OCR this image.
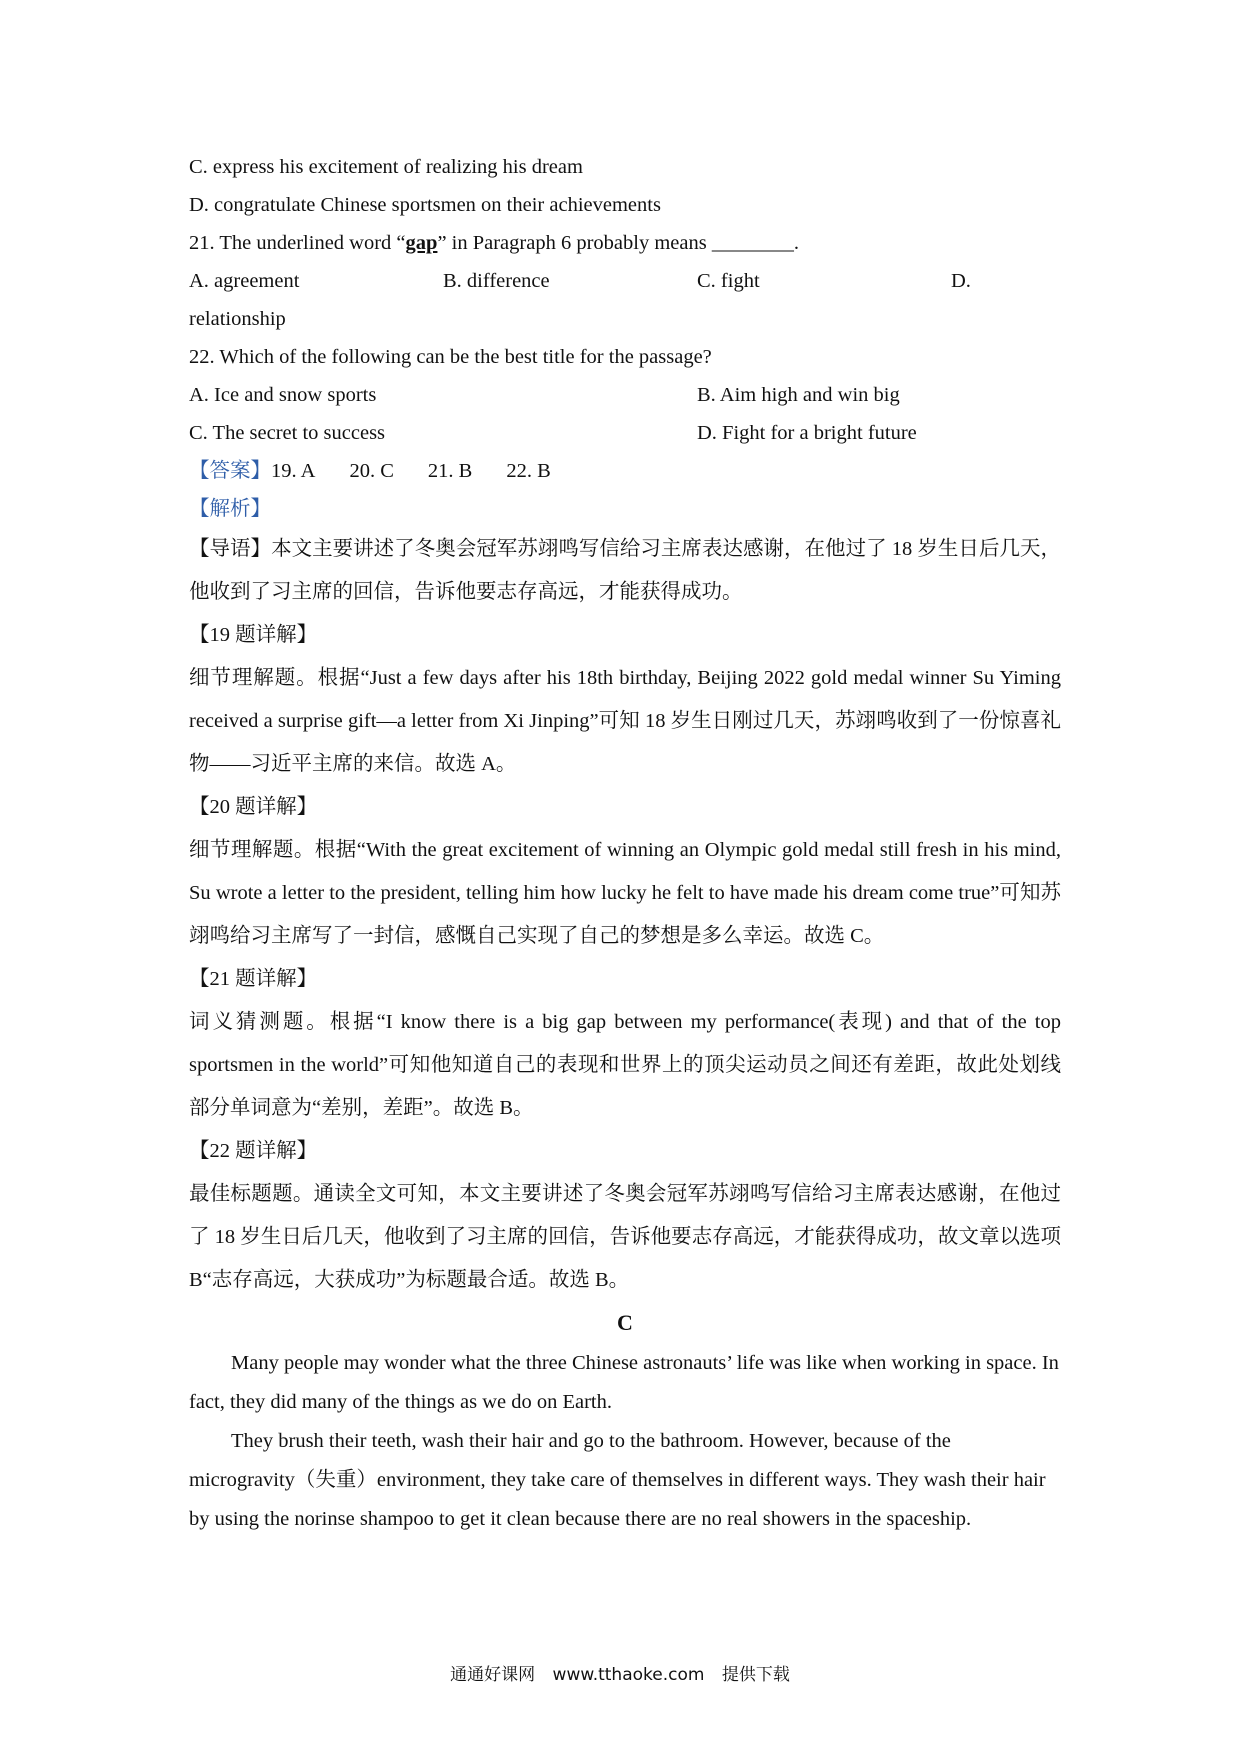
C. express his excitement of realizing his dream
D. congratulate Chinese sportsmen on their achievements
21. The underlined word “gap” in Paragraph 6 probably means ________.
A. agreement	B. difference	C. fight	D.
relationship
22. Which of the following can be the best title for the passage?
A. Ice and snow sports	B. Aim high and win big
C. The secret to success	D. Fight for a bright future
【答案】19. A 20. C 21. B 22. B
【解析】
【导语】本文主要讲述了冬奥会冠军苏翊鸣写信给习主席表达感谢，在他过了 18 岁生日后几天，他收到了习主席的回信，告诉他要志存高远，才能获得成功。
【19 题详解】
细节理解题。根据“Just a few days after his 18th birthday, Beijing 2022 gold medal winner Su Yiming received a surprise gift—a letter from Xi Jinping”可知 18 岁生日刚过几天，苏翊鸣收到了一份惊喜礼物——习近平主席的来信。故选 A。
【20 题详解】
细节理解题。根据“With the great excitement of winning an Olympic gold medal still fresh in his mind, Su wrote a letter to the president, telling him how lucky he felt to have made his dream come true”可知苏翊鸣给习主席写了一封信，感慨自己实现了自己的梦想是多么幸运。故选 C。
【21 题详解】
词义猜测题。根据“I know there is a big gap between my performance(表现) and that of the top sportsmen in the world”可知他知道自己的表现和世界上的顶尖运动员之间还有差距，故此处划线部分单词意为“差别，差距”。故选 B。
【22 题详解】
最佳标题题。通读全文可知，本文主要讲述了冬奥会冠军苏翊鸣写信给习主席表达感谢，在他过了 18 岁生日后几天，他收到了习主席的回信，告诉他要志存高远，才能获得成功，故文章以选项 B“志存高远，大获成功”为标题最合适。故选 B。
C
Many people may wonder what the three Chinese astronauts’ life was like when working in space. In fact, they did many of the things as we do on Earth.
They brush their teeth, wash their hair and go to the bathroom. However, because of the microgravity（失重）environment, they take care of themselves in different ways. They wash their hair by using the norinse shampoo to get it clean because there are no real showers in the spaceship.
通通好课网 www.tthaoke.com 提供下载
